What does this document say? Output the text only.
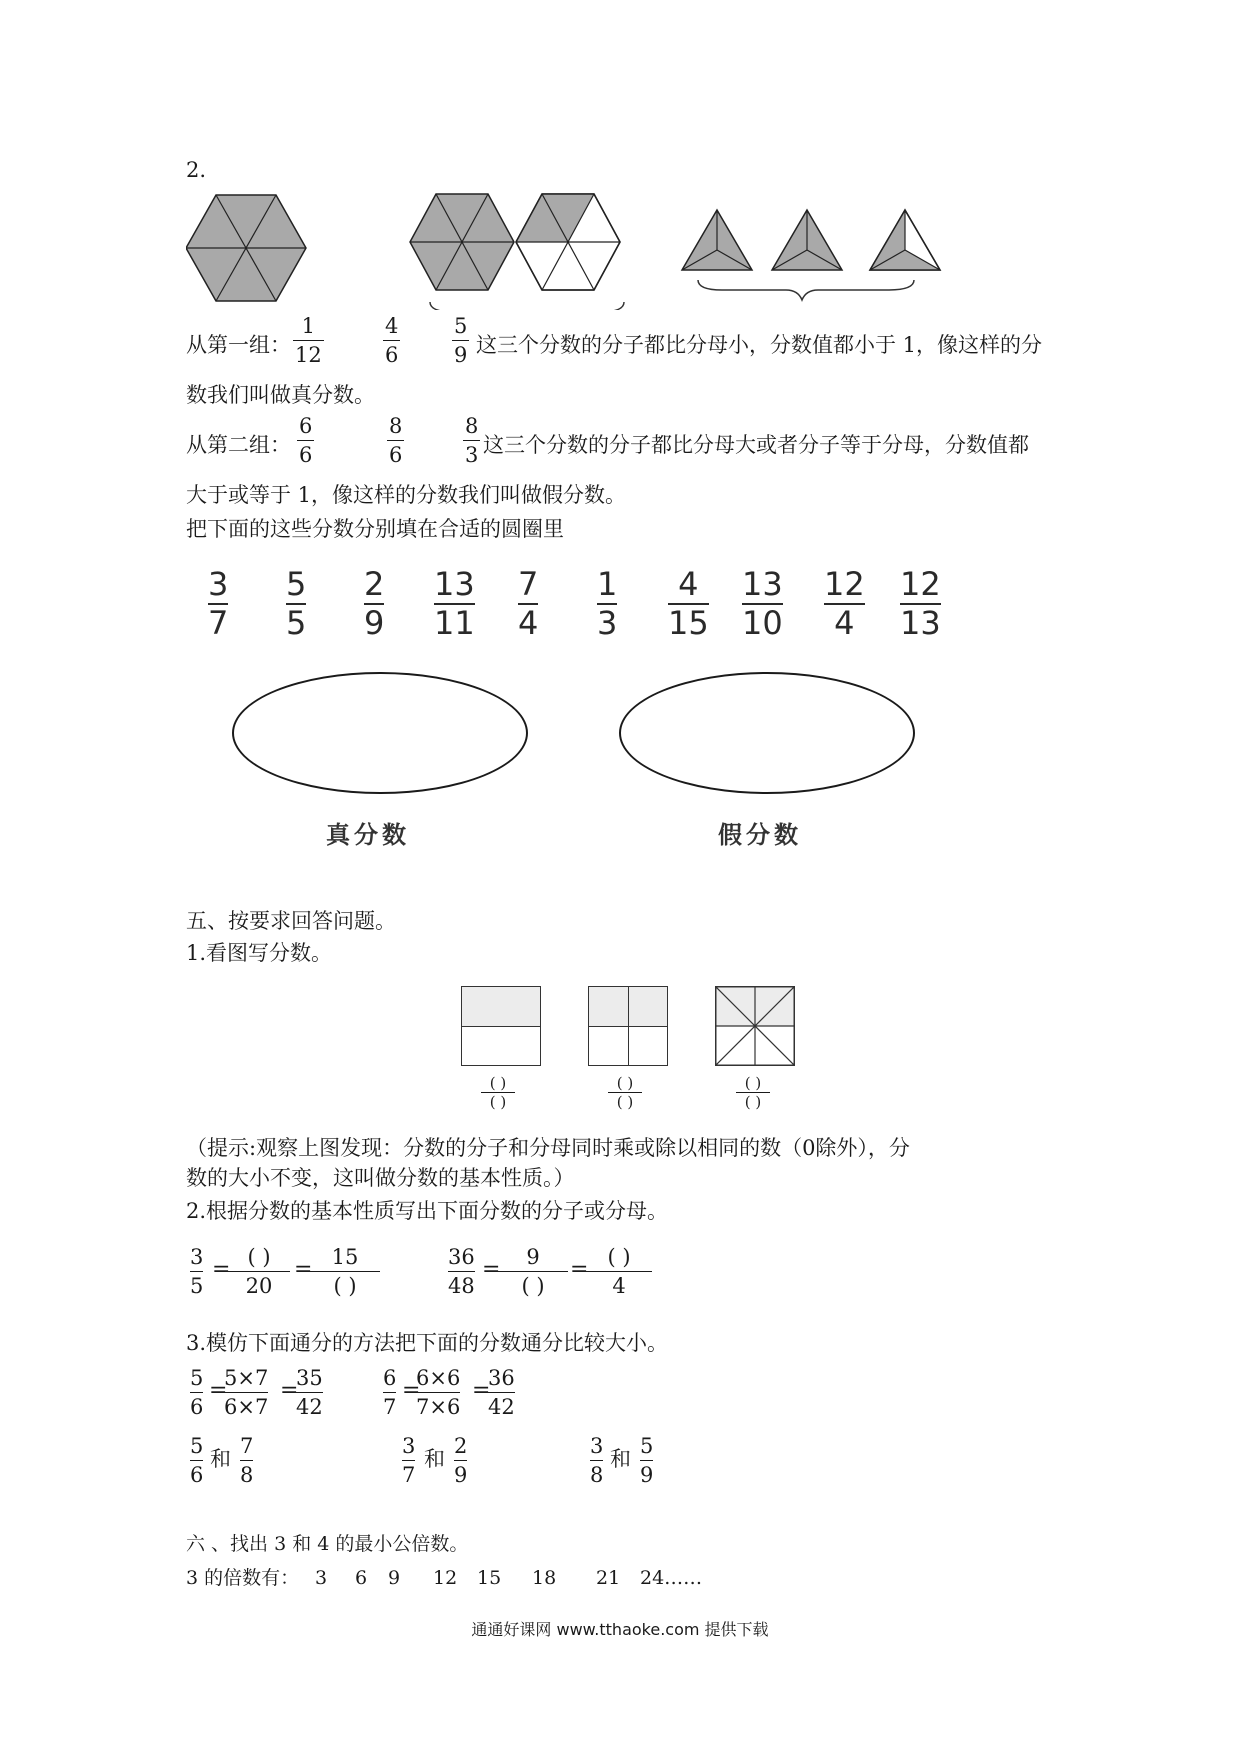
2.
从第一组：
1
12
4
6
5
9 这三个分数的分子都比分母小，分数值都小于 1，像这样的分
数我们叫做真分数。
从第二组：
6
6
8
6
8
3 这三个分数的分子都比分母大或者分子等于分母，分数值都
大于或等于 1，像这样的分数我们叫做假分数。
把下面的这些分数分别填在合适的圆圈里
3
7
5
5
2
9
13
11
7
4
1
3
4
15
13
10
12
4
12
13
真分数	假分数
五、按要求回答问题。
1.看图写分数。
( )
( )
( )
( )
( )
( )
（提示:观察上图发现：分数的分子和分母同时乘或除以相同的数（0除外），分
数的大小不变，这叫做分数的基本性质。）
2.根据分数的基本性质写出下面分数的分子或分母。
3
5
= ( )
20
= 15
( )
36
48
= 9
( )
= ( )
4
3.模仿下面通分的方法把下面的分数通分比较大小。
5
6
=
5×7
6×7
=
35
42
6
7
=
6×6
7×6
=
36
42
5
6
和
7
8
3
7
和
2
9
3
8
和
5
9
六 、找出 3 和 4 的最小公倍数。
3 的倍数有： 3 6 9 12 15 18 21 24……
通通好课网 www.tthaoke.com 提供下载
